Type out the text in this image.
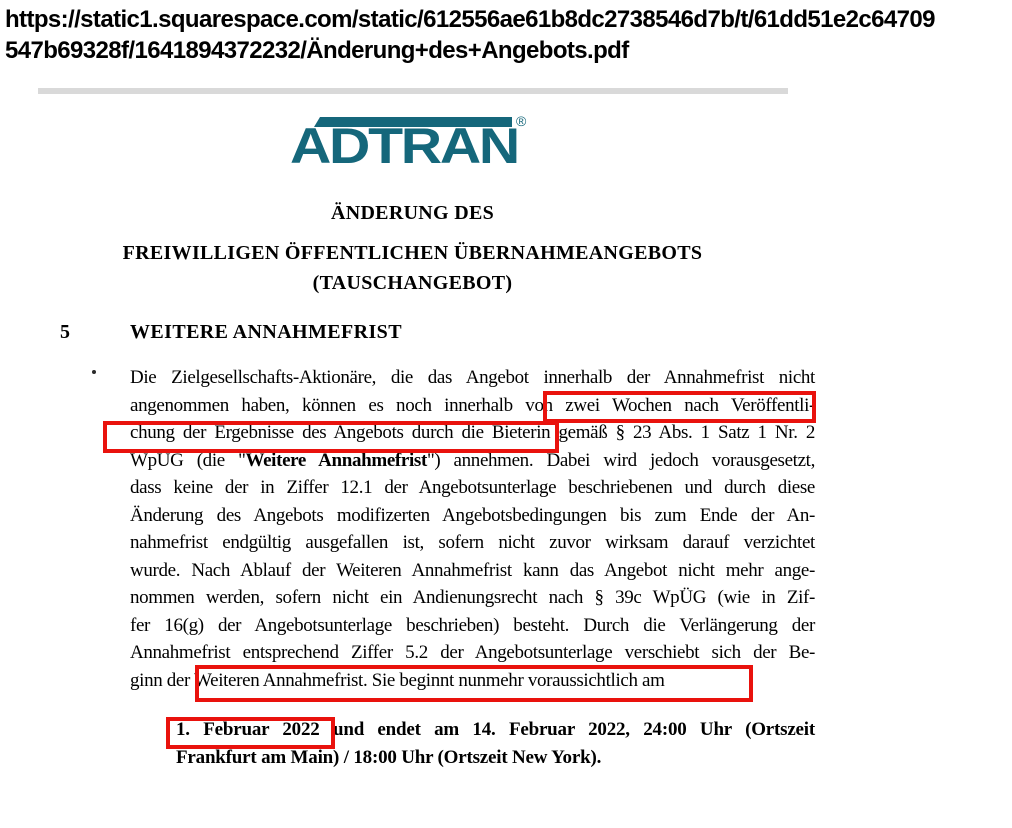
https://static1.squarespace.com/static/612556ae61b8dc2738546d7b/t/61dd51e2c64709
547b69328f/1641894372232/Änderung+des+Angebots.pdf
ADTRAN
®
ÄNDERUNG DES
FREIWILLIGEN ÖFFENTLICHEN ÜBERNAHMEANGEBOTS
(TAUSCHANGEBOT)
5	WEITERE ANNAHMEFRIST
Die Zielgesellschafts-Aktionäre, die das Angebot innerhalb der Annahmefrist nicht
angenommen haben, können es noch innerhalb von zwei Wochen nach Veröffentli-
chung der Ergebnisse des Angebots durch die Bieterin gemäß § 23 Abs. 1 Satz 1 Nr. 2
WpÜG (die "Weitere Annahmefrist") annehmen. Dabei wird jedoch vorausgesetzt,
dass keine der in Ziffer 12.1 der Angebotsunterlage beschriebenen und durch diese
Änderung des Angebots modifizerten Angebotsbedingungen bis zum Ende der An-
nahmefrist endgültig ausgefallen ist, sofern nicht zuvor wirksam darauf verzichtet
wurde. Nach Ablauf der Weiteren Annahmefrist kann das Angebot nicht mehr ange-
nommen werden, sofern nicht ein Andienungsrecht nach § 39c WpÜG (wie in Zif-
fer 16(g) der Angebotsunterlage beschrieben) besteht. Durch die Verlängerung der
Annahmefrist entsprechend Ziffer 5.2 der Angebotsunterlage verschiebt sich der Be-
ginn der Weiteren Annahmefrist. Sie beginnt nunmehr voraussichtlich am
1. Februar 2022 und endet am 14. Februar 2022, 24:00 Uhr (Ortszeit
Frankfurt am Main) / 18:00 Uhr (Ortszeit New York).
